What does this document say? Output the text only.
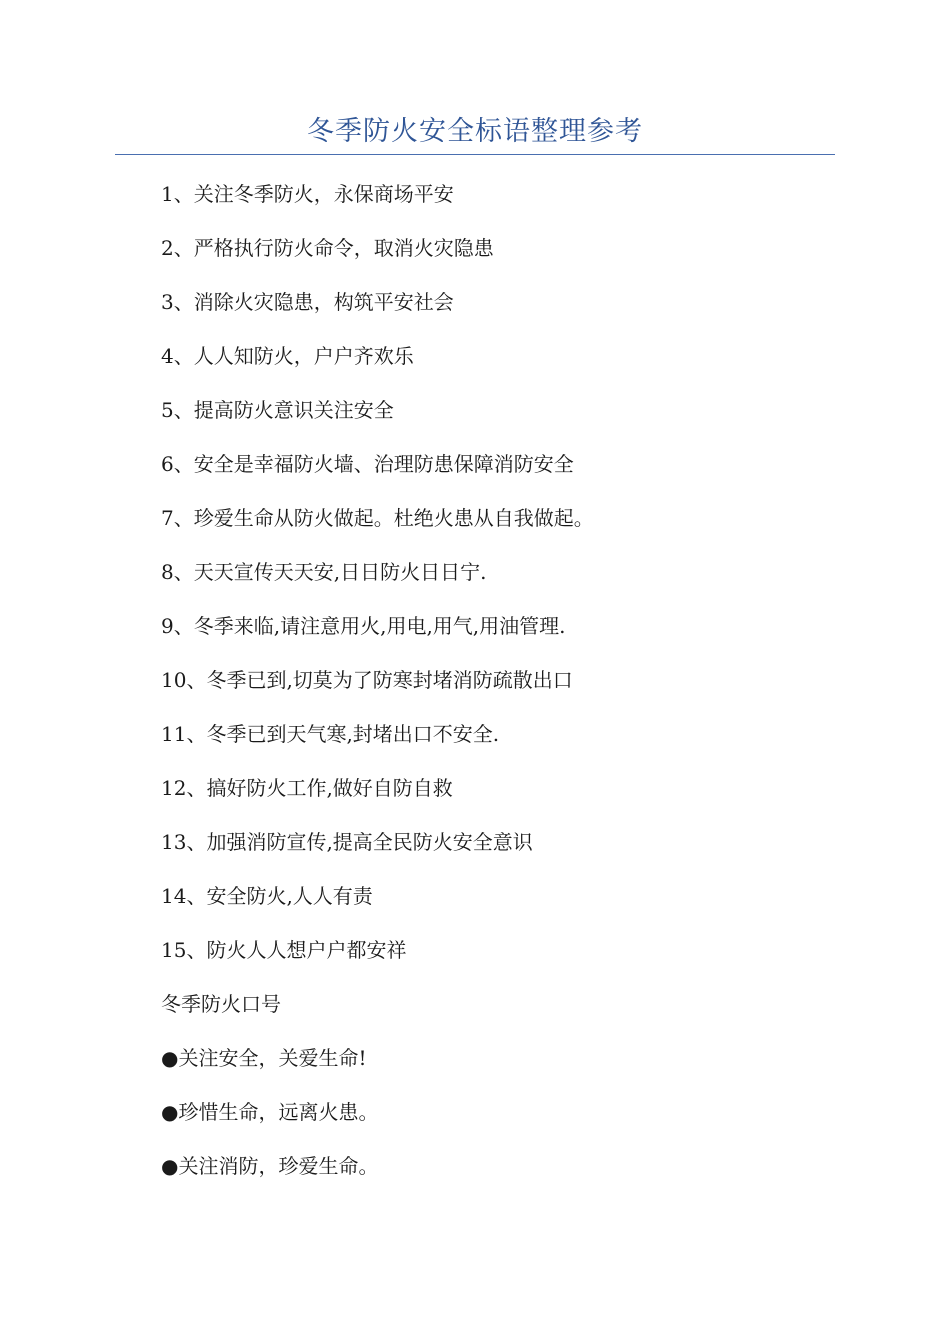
冬季防火安全标语整理参考
1、关注冬季防火，永保商场平安
2、严格执行防火命令，取消火灾隐患
3、消除火灾隐患，构筑平安社会
4、人人知防火，户户齐欢乐
5、提高防火意识关注安全
6、安全是幸福防火墙、治理防患保障消防安全
7、珍爱生命从防火做起。杜绝火患从自我做起。
8、天天宣传天天安,日日防火日日宁.
9、冬季来临,请注意用火,用电,用气,用油管理.
10、冬季已到,切莫为了防寒封堵消防疏散出口
11、冬季已到天气寒,封堵出口不安全.
12、搞好防火工作,做好自防自救
13、加强消防宣传,提高全民防火安全意识
14、安全防火,人人有责
15、防火人人想户户都安祥
冬季防火口号
●关注安全，关爱生命!
●珍惜生命，远离火患。
●关注消防，珍爱生命。
